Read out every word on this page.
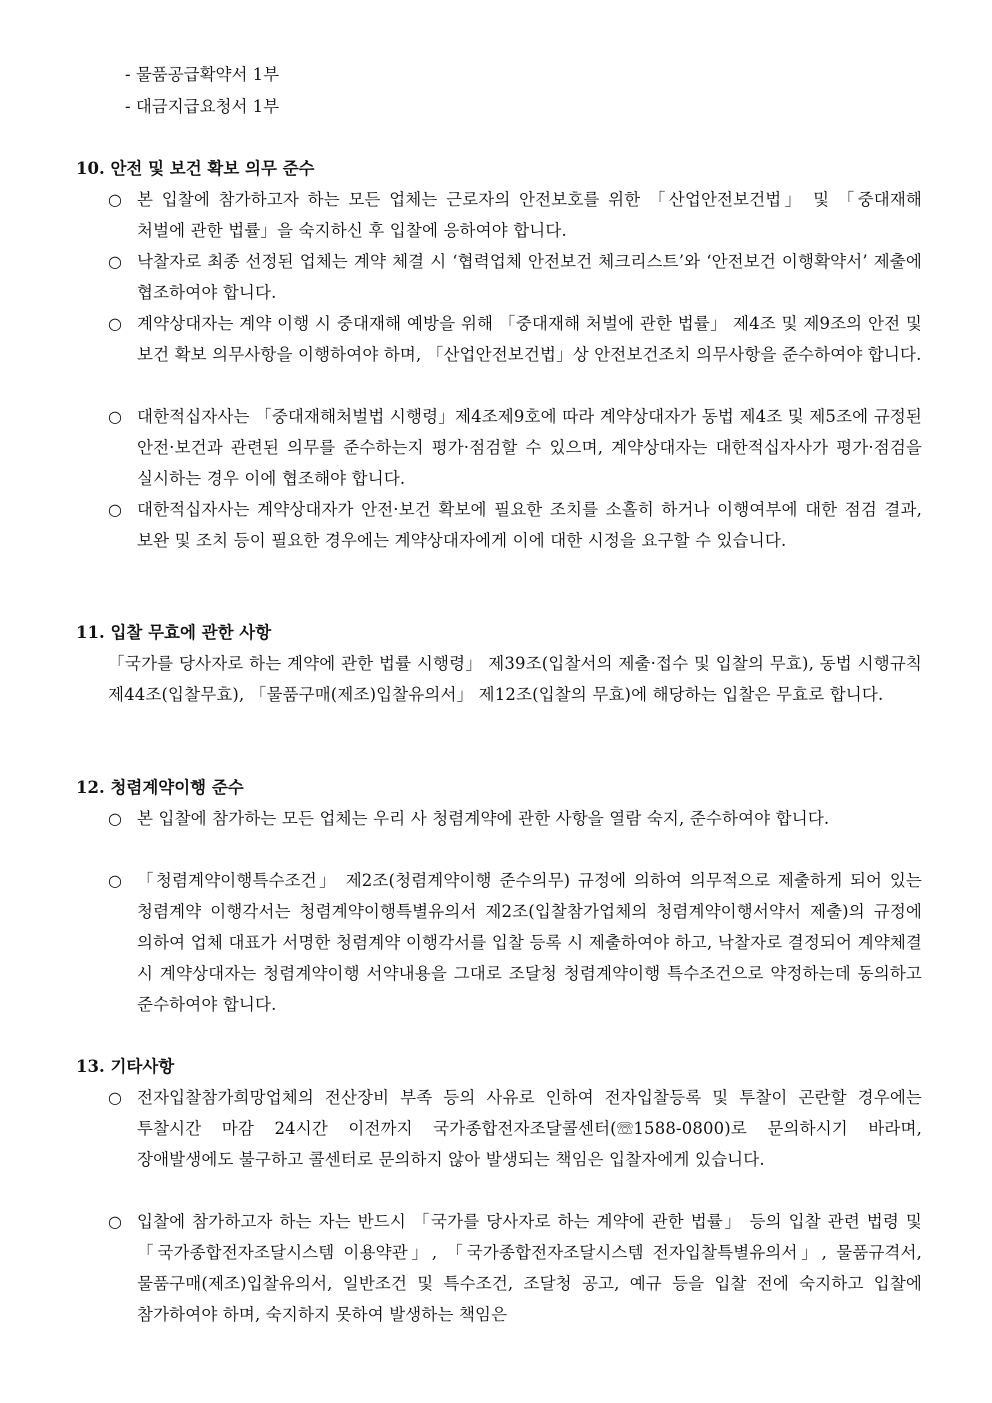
- 물품공급확약서 1부
- 대금지급요청서 1부
10. 안전 및 보건 확보 의무 준수
○ 본 입찰에 참가하고자 하는 모든 업체는 근로자의 안전보호를 위한 「산업안전보건법」 및 「중대재해 처벌에 관한 법률」을 숙지하신 후 입찰에 응하여야 합니다.
○ 낙찰자로 최종 선정된 업체는 계약 체결 시 ‘협력업체 안전보건 체크리스트’와 ‘안전보건 이행확약서’ 제출에 협조하여야 합니다.
○ 계약상대자는 계약 이행 시 중대재해 예방을 위해 「중대재해 처벌에 관한 법률」 제4조 및 제9조의 안전 및 보건 확보 의무사항을 이행하여야 하며, 「산업안전보건법」상 안전보건조치 의무사항을 준수하여야 합니다.
○ 대한적십자사는 「중대재해처벌법 시행령」제4조제9호에 따라 계약상대자가 동법 제4조 및 제5조에 규정된 안전·보건과 관련된 의무를 준수하는지 평가·점검할 수 있으며, 계약상대자는 대한적십자사가 평가·점검을 실시하는 경우 이에 협조해야 합니다.
○ 대한적십자사는 계약상대자가 안전·보건 확보에 필요한 조치를 소홀히 하거나 이행여부에 대한 점검 결과, 보완 및 조치 등이 필요한 경우에는 계약상대자에게 이에 대한 시정을 요구할 수 있습니다.
11. 입찰 무효에 관한 사항
「국가를 당사자로 하는 계약에 관한 법률 시행령」 제39조(입찰서의 제출·접수 및 입찰의 무효), 동법 시행규칙 제44조(입찰무효), 「물품구매(제조)입찰유의서」 제12조(입찰의 무효)에 해당하는 입찰은 무효로 합니다.
12. 청렴계약이행 준수
○ 본 입찰에 참가하는 모든 업체는 우리 사 청렴계약에 관한 사항을 열람 숙지, 준수하여야 합니다.
○ 「청렴계약이행특수조건」 제2조(청렴계약이행 준수의무) 규정에 의하여 의무적으로 제출하게 되어 있는 청렴계약 이행각서는 청렴계약이행특별유의서 제2조(입찰참가업체의 청렴계약이행서약서 제출)의 규정에 의하여 업체 대표가 서명한 청렴계약 이행각서를 입찰 등록 시 제출하여야 하고, 낙찰자로 결정되어 계약체결 시 계약상대자는 청렴계약이행 서약내용을 그대로 조달청 청렴계약이행 특수조건으로 약정하는데 동의하고 준수하여야 합니다.
13. 기타사항
○ 전자입찰참가희망업체의 전산장비 부족 등의 사유로 인하여 전자입찰등록 및 투찰이 곤란할 경우에는 투찰시간 마감 24시간 이전까지 국가종합전자조달콜센터(☏1588-0800)로 문의하시기 바라며, 장애발생에도 불구하고 콜센터로 문의하지 않아 발생되는 책임은 입찰자에게 있습니다.
○ 입찰에 참가하고자 하는 자는 반드시 「국가를 당사자로 하는 계약에 관한 법률」 등의 입찰 관련 법령 및 「국가종합전자조달시스템 이용약관」, 「국가종합전자조달시스템 전자입찰특별유의서」, 물품규격서, 물품구매(제조)입찰유의서, 일반조건 및 특수조건, 조달청 공고, 예규 등을 입찰 전에 숙지하고 입찰에 참가하여야 하며, 숙지하지 못하여 발생하는 책임은
